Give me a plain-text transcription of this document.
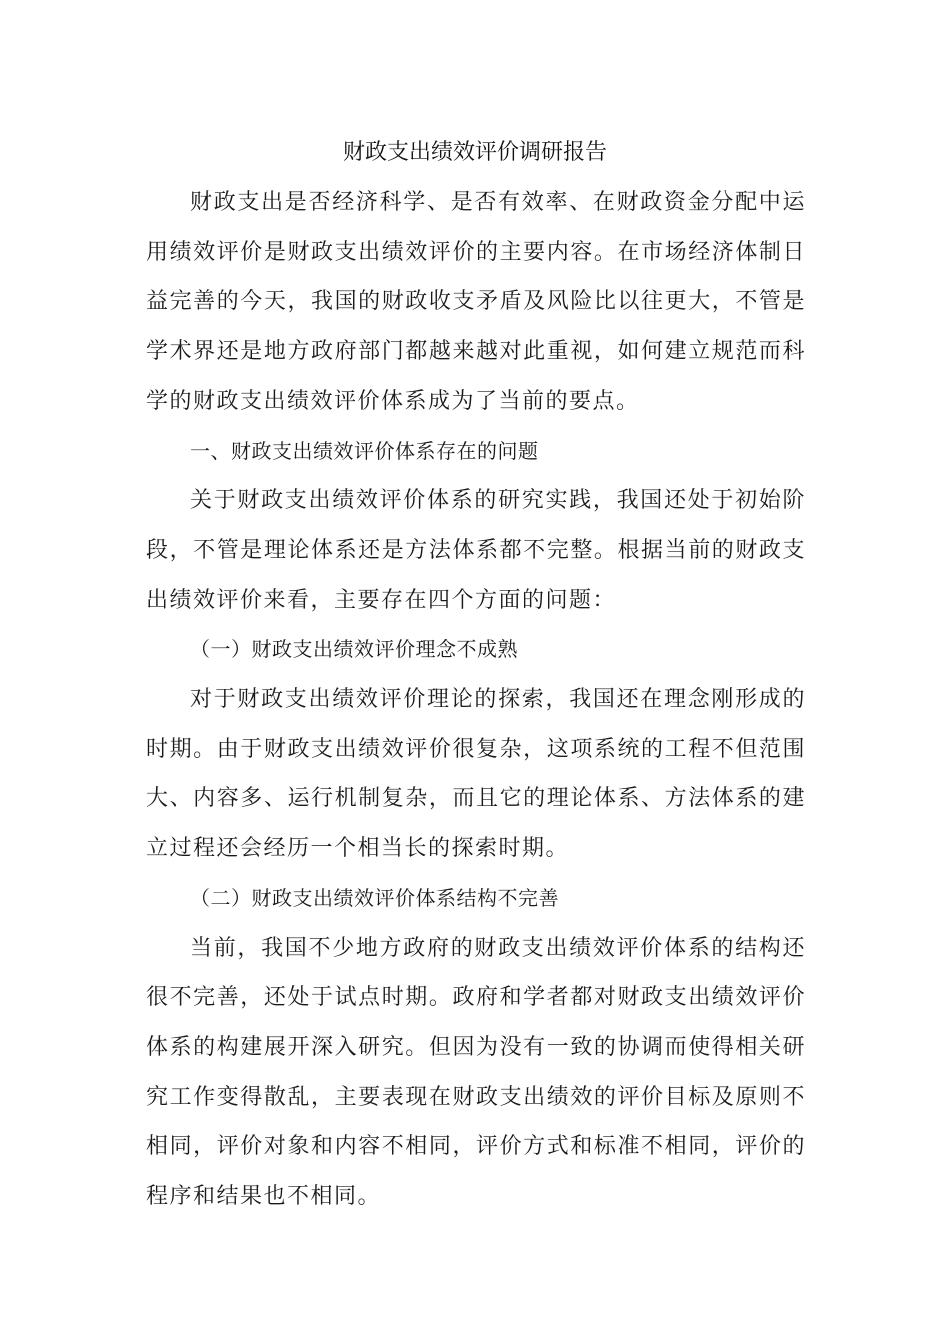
财政支出绩效评价调研报告

财政支出是否经济科学、是否有效率、在财政资金分配中运用绩效评价是财政支出绩效评价的主要内容。在市场经济体制日益完善的今天，我国的财政收支矛盾及风险比以往更大，不管是学术界还是地方政府部门都越来越对此重视，如何建立规范而科学的财政支出绩效评价体系成为了当前的要点。

一、财政支出绩效评价体系存在的问题

关于财政支出绩效评价体系的研究实践，我国还处于初始阶段，不管是理论体系还是方法体系都不完整。根据当前的财政支出绩效评价来看，主要存在四个方面的问题：

（一）财政支出绩效评价理念不成熟

对于财政支出绩效评价理论的探索，我国还在理念刚形成的时期。由于财政支出绩效评价很复杂，这项系统的工程不但范围大、内容多、运行机制复杂，而且它的理论体系、方法体系的建立过程还会经历一个相当长的探索时期。

（二）财政支出绩效评价体系结构不完善

当前，我国不少地方政府的财政支出绩效评价体系的结构还很不完善，还处于试点时期。政府和学者都对财政支出绩效评价体系的构建展开深入研究。但因为没有一致的协调而使得相关研究工作变得散乱，主要表现在财政支出绩效的评价目标及原则不相同，评价对象和内容不相同，评价方式和标准不相同，评价的程序和结果也不相同。
